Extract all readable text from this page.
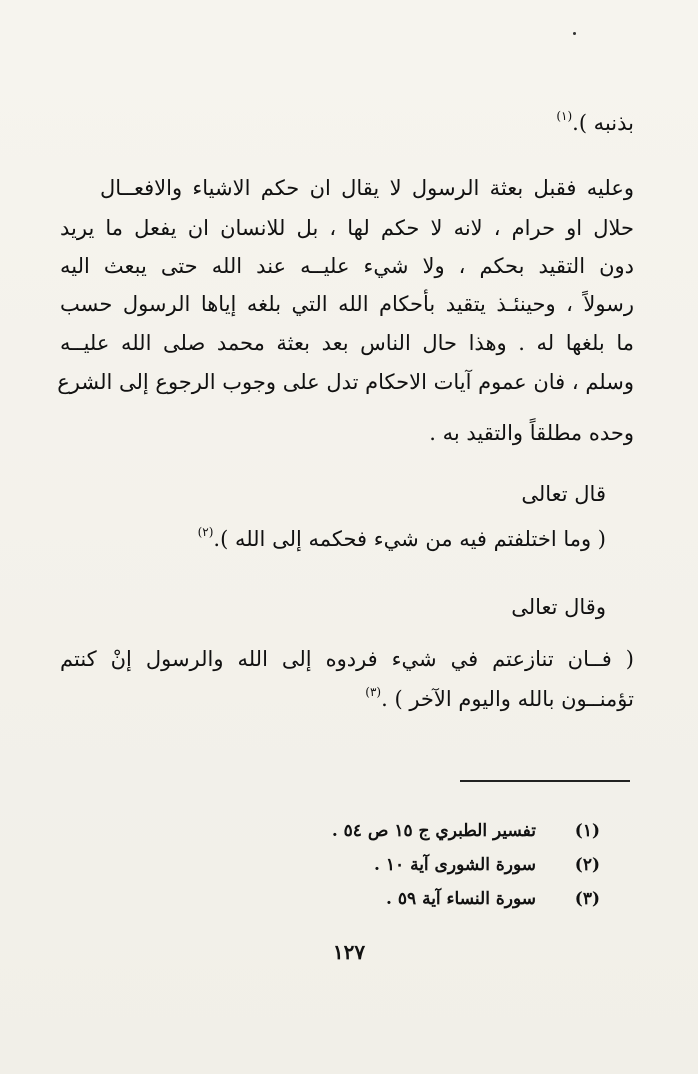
بذنبه ).$^{(١)}$
وعليه فقبل بعثة الرسول لا يقال ان حكم الاشياء والافعــال
حلال او حرام ، لانه لا حكم لها ، بل للانسان ان يفعل ما يريد
دون التقيد بحكم ، ولا شيء عليــه عند الله حتى يبعث اليه
رسولاً ، وحينئـذ يتقيد بأحكام الله التي بلغه إياها الرسول حسب
ما بلغها له . وهذا حال الناس بعد بعثة محمد صلى الله عليــه
وسلم ، فان عموم آيات الاحكام تدل على وجوب الرجوع إلى الشرع
وحده مطلقاً والتقيد به .
قال تعالى
( وما اختلفتم فيه من شيء فحكمه إلى الله ).$^{(٢)}$
وقال تعالى
( فــان تنازعتم في شيء فردوه إلى الله والرسول إنْ كنتم
تؤمنــون بالله واليوم الآخر ) .$^{(٣)}$
(١)تفسير الطبري ج ١٥ ص ٥٤ .
(٢)سورة الشورى آية ١٠ .
(٣)سورة النساء آية ٥٩ .
١٢٧
